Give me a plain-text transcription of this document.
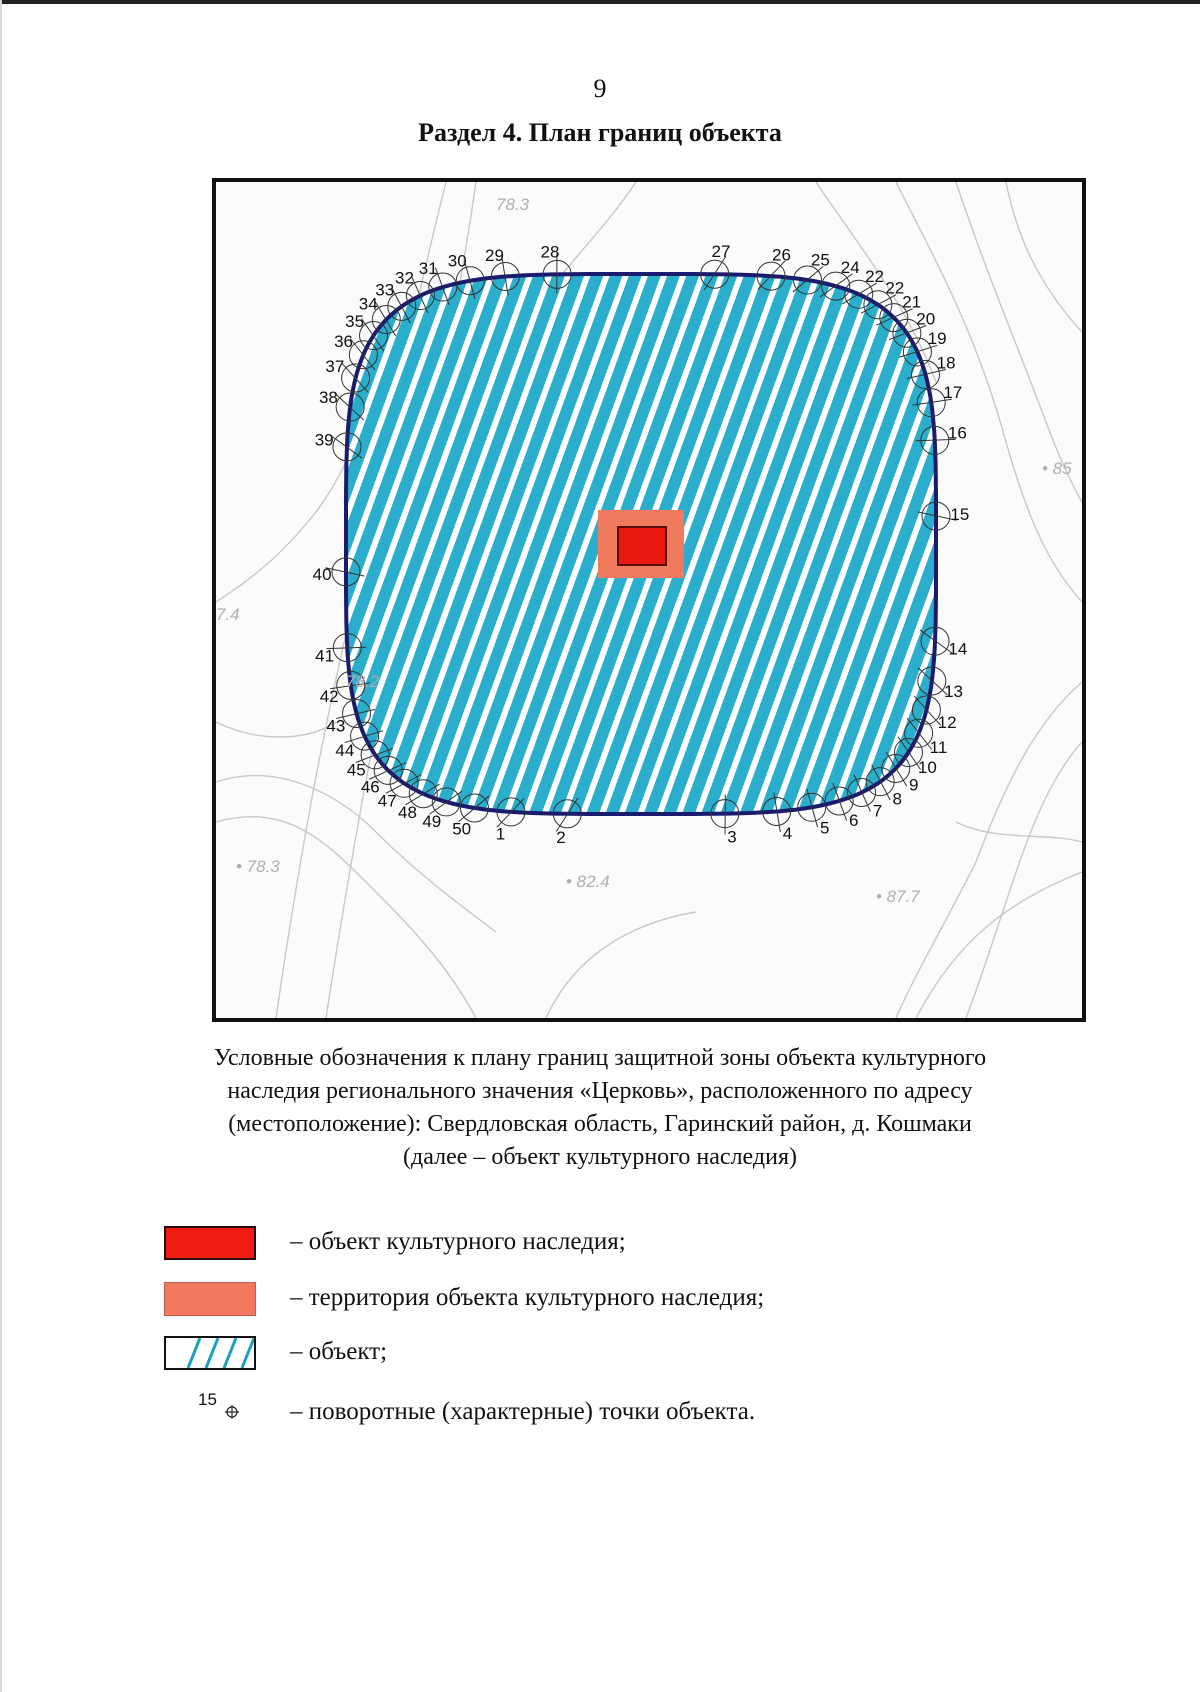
9
Раздел 4. План границ объекта
1	2	3	4 5 6
7
8
9
10
11
12
13
14
15
16
17
18
19
20
21
22
22
24
25
26
27
28
29
30
31
32
33
34
35
36
37
38
39
40
41
42
43
44
45
46
47
48 49 50
78.3
78.2
• 78.3
• 82.4
• 87.7
• 85
7.4
Условные обозначения к плану границ защитной зоны объекта культурного
наследия регионального значения «Церковь», расположенного по адресу
(местоположение): Свердловская область, Гаринский район, д. Кошмаки
(далее – объект культурного наследия)
– объект культурного наследия;
– территория объекта культурного наследия;
– объект;
15	– поворотные (характерные) точки объекта.
